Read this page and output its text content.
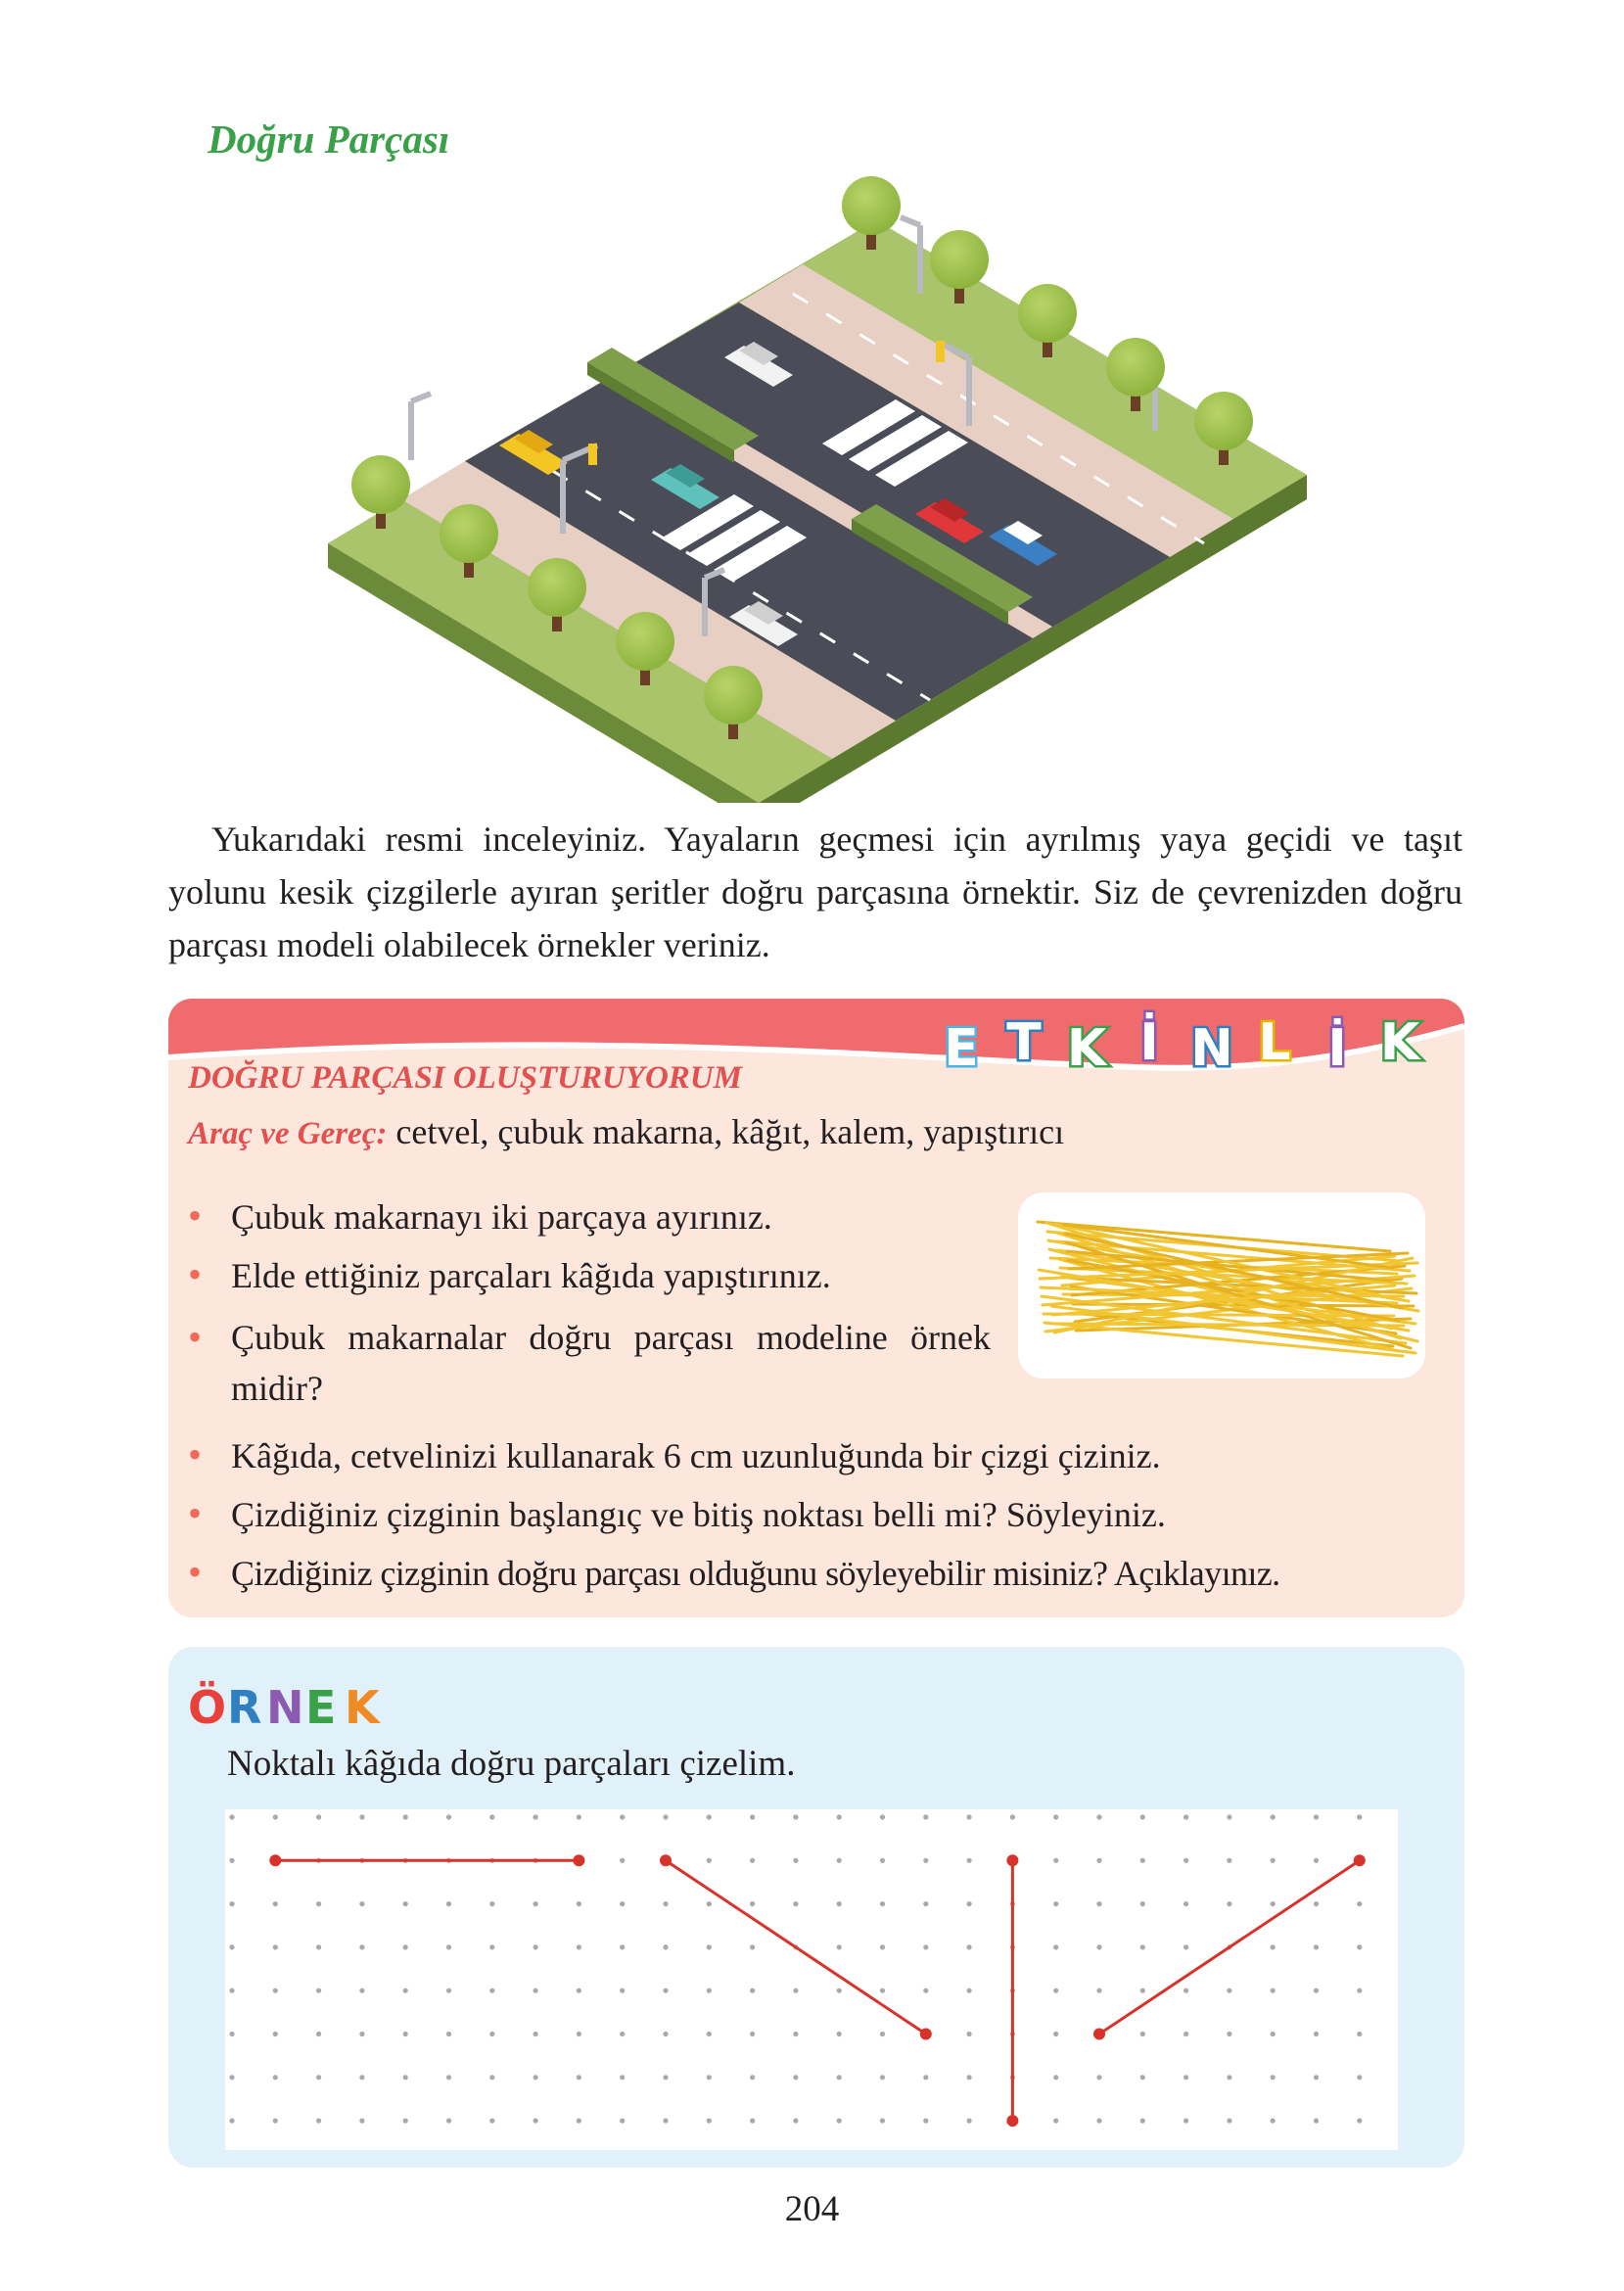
Doğru Parçası
Yukarıdaki resmi inceleyiniz. Yayaların geçmesi için ayrılmış yaya geçidi ve taşıt yolunu kesik çizgilerle ayıran şeritler doğru parçasına örnektir. Siz de çevrenizden doğru parçası modeli olabilecek örnekler veriniz.
E T K İ N L İ K
DOĞRU PARÇASI OLUŞTURUYORUM
Araç ve Gereç: cetvel, çubuk makarna, kâğıt, kalem, yapıştırıcı
• Çubuk makarnayı iki parçaya ayırınız.
• Elde ettiğiniz parçaları kâğıda yapıştırınız.
• Çubuk makarnalar doğru parçası modeline örnek midir?
• Kâğıda, cetvelinizi kullanarak 6 cm uzunluğunda bir çizgi çiziniz.
• Çizdiğiniz çizginin başlangıç ve bitiş noktası belli mi? Söyleyiniz.
• Çizdiğiniz çizginin doğru parçası olduğunu söyleyebilir misiniz? Açıklayınız.
Ö R N E K
Noktalı kâğıda doğru parçaları çizelim.
204
